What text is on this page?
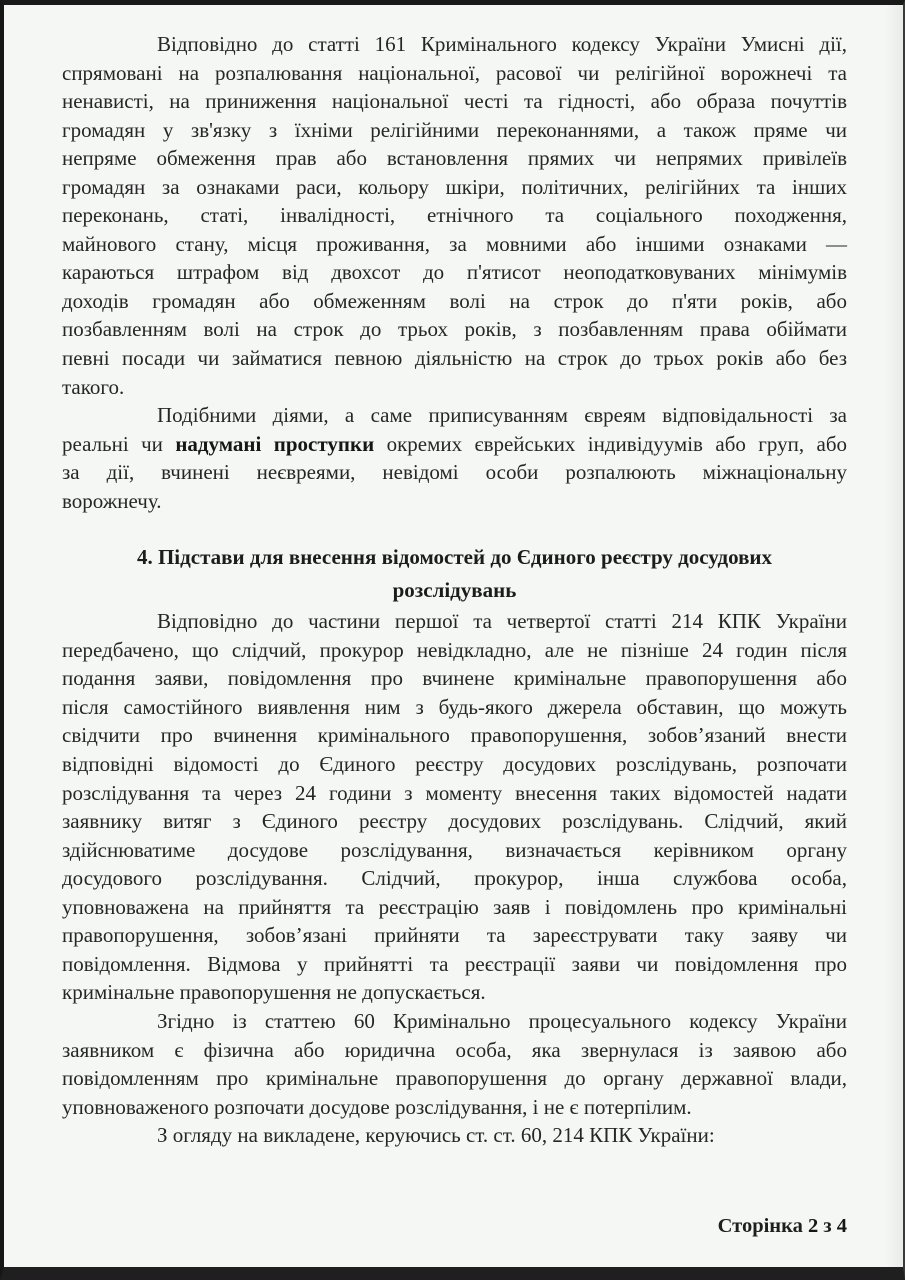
Відповідно до статті 161 Кримінального кодексу України Умисні дії,
спрямовані на розпалювання національної, расової чи релігійної ворожнечі та
ненависті, на приниження національної честі та гідності, або образа почуттів
громадян у зв'язку з їхніми релігійними переконаннями, а також пряме чи
непряме обмеження прав або встановлення прямих чи непрямих привілеїв
громадян за ознаками раси, кольору шкіри, політичних, релігійних та інших
переконань, статі, інвалідності, етнічного та соціального походження,
майнового стану, місця проживання, за мовними або іншими ознаками —
караються штрафом від двохсот до п'ятисот неоподатковуваних мінімумів
доходів громадян або обмеженням волі на строк до п'яти років, або
позбавленням волі на строк до трьох років, з позбавленням права обіймати
певні посади чи займатися певною діяльністю на строк до трьох років або без
такого.
Подібними діями, а саме приписуванням євреям відповідальності за
реальні чи надумані проступки окремих єврейських індивідуумів або груп, або
за дії, вчинені неєвреями, невідомі особи розпалюють міжнаціональну
ворожнечу.
4. Підстави для внесення відомостей до Єдиного реєстру досудових
розслідувань
Відповідно до частини першої та четвертої статті 214 КПК України
передбачено, що слідчий, прокурор невідкладно, але не пізніше 24 годин після
подання заяви, повідомлення про вчинене кримінальне правопорушення або
після самостійного виявлення ним з будь-якого джерела обставин, що можуть
свідчити про вчинення кримінального правопорушення, зобов’язаний внести
відповідні відомості до Єдиного реєстру досудових розслідувань, розпочати
розслідування та через 24 години з моменту внесення таких відомостей надати
заявнику витяг з Єдиного реєстру досудових розслідувань. Слідчий, який
здійснюватиме досудове розслідування, визначається керівником органу
досудового розслідування. Слідчий, прокурор, інша службова особа,
уповноважена на прийняття та реєстрацію заяв і повідомлень про кримінальні
правопорушення, зобов’язані прийняти та зареєструвати таку заяву чи
повідомлення. Відмова у прийнятті та реєстрації заяви чи повідомлення про
кримінальне правопорушення не допускається.
Згідно із статтею 60 Кримінально процесуального кодексу України
заявником є фізична або юридична особа, яка звернулася із заявою або
повідомленням про кримінальне правопорушення до органу державної влади,
уповноваженого розпочати досудове розслідування, і не є потерпілим.
З огляду на викладене, керуючись ст. ст. 60, 214 КПК України:
Сторінка 2 з 4
